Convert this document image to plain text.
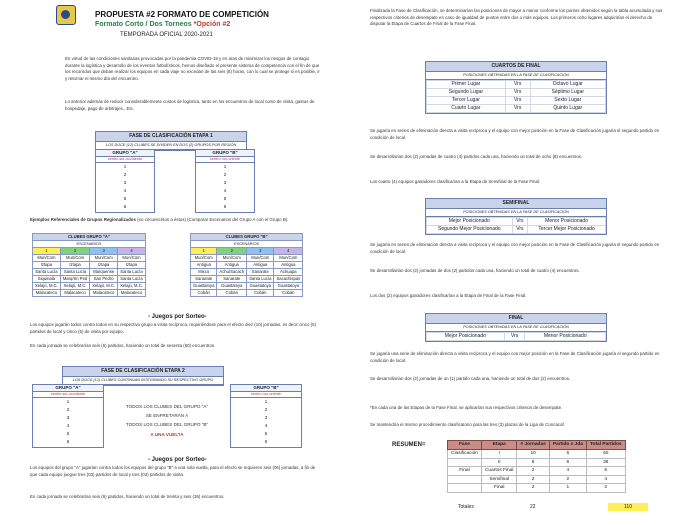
PROPUESTA #2 FORMATO DE COMPETICIÓN
Formato Corto / Dos Torneos *Opción #2
TEMPORADA OFICIAL 2020-2021
En virtud de las condiciones sanitarias provocadas por la pandemia COVID-19 y en aras de minimizar los riesgos de contagio durante la logística y desarrollo de los eventos futbolísticos, hemos diseñado el presente sistema de competencia con el fin de que los recorridos que deban realizar los equipos en cada viaje no excedan de las seis (6) horas, con lo cual se protege si es posible, ir y retornar el mismo día del encuentro.
Lo anterior además de reducir considerablemente costos de logística, tanto en los encuentros de local como de visita, gastos de hospedaje, pago de arbitrajes., Etc.
FASE DE CLASIFICACIÓN ETAPA 1
LOS DOCE (12) CLUBES SE DIVIDEN EN DOS (2) GRUPOS POR REGIÓN
GRUPO "A"
centro sur-occidente
1
2
3
4
5
6
GRUPO "B"
centro nor-oriente
1
2
3
4
5
6
Ejemplos Referenciales de Grupos Regionalizados (no circunscritos a éstos) (Comparar Escenarios del Grupo A con el Grupo B).
CLUBES GRUPO "A"			
ESCENARIOS			
1	2	3	4
Mun/Com	Mun/Com	Mun/Com	Mun/Com
Iztapa	Iztapa	Iztapa	Iztapa
Santa Lucía	Santa Lucía	Marquense	Santa Lucía
Siquinalá	Marq/Sn Ped	San Pedro	Santa Lucía
Xelajú, M.C.	Xelajú, M.C.	Xelajú, M.C.	Xelajú, M.C.
Malacateco	Malacateco	Malacateco	Malacateco
CLUBES GRUPO "B"			
ESCENARIOS			
1	2	3	4
Mun/Com	Mun/Com	Mun/Com	Mun/Com
Antigua	Antigua	Antigua	Antigua
Mixco	Achu/Sacach	Sanarate	Achuapa
Sanarate	Sanarate	Santa Lucía	Sacachispas
Guastatoya	Guastatoya	Guastatoya	Guastatoya
Cobán	Cobán	Cobán	Cobán
- Juegos por Sorteo-
Los equipos jugarán todos contra todos en su respectivo grupo a visita recíproca, requiriéndose para el efecto diez (10) jornadas, es decir cinco (5) partidos de local y cinco (5) de visita por equipo.
En cada jornada se celebrarían seis (6) partidos, haciendo un total de sesenta (60) encuentros.
FASE DE CLASIFICACIÓN ETAPA 2
LOS DOCE (12) CLUBES CONTINÚAN INTEGRANDO SU RESPECTIVO GRUPO
GRUPO "A"
centro sur-occidente
1
2
3
4
5
6
GRUPO "B"
centro nor-oriente
1
2
3
4
5
6
TODOS LOS CLUBES DEL GRUPO "A"
SE ENFRETARÁN A
TODOS LOS CLUBES DEL GRUPO "B"
A UNA VUELTA
- Juegos por Sorteo-
Los equipos del grupo "A" jugarían contra todos los equipos del grupo "B" a una sola vuelta, para el efecto se requieren seis (06) jornadas, a fin de que cada equipo juegue tres (03) partidos de local y tres (03) partidos de visita.
En cada jornada se celebrarían seis (6) partidos, haciendo un total de treinta y seis (36) encuentros.
Finalizada la Fase de Clasificación, se determinarían las posiciones de mayor a menor conforme los puntos obtenidos según la tabla acumulada y sus respectivos criterios de desempate en caso de igualdad de puntos entre dos o más equipos. Los primeros ocho lugares adquirirían el derecho de disputar la Etapa de Cuartos de Final de la Fase Final.
CUARTOS DE FINAL
POSICIONES OBTENIDAS EN LA FASE DE CLASIFICACIÓN
Primer Lugar	Vrs	Octavo Lugar
Segundo Lugar	Vrs	Séptimo Lugar
Tercer Lugar	Vrs	Sexto Lugar
Cuarto Lugar	Vrs	Quinto Lugar
Se jugaría en series de eliminación directa a visita recíproca y el equipo con mejor posición en la Fase de Clasificación jugaría el segundo partido en condición de local.
Se desarrollarían dos (2) jornadas de cuatro (4) partidos cada una, haciendo un total de ocho (8) encuentros.
Los cuatro (4) equipos ganadores clasificarían a la Etapa de Semifinal de la Fase Final.
SEMIFINAL
POSICIONES OBTENIDAS EN LA FASE DE CLASIFICACIÓN
Mejor Posicionado	Vrs	Menor Posicionado
Segundo Mejor Posicionado	Vrs	Tercer Mejor Posicionado
Se jugaría en series de eliminación directa a visita recíproca y el equipo con mejor posición en la Fase de Clasificación jugaría el segundo partido en condición de local.
Se desarrollarían dos (2) jornadas de dos (2) partidos cada una, haciendo un total de cuatro (4) encuentros.
Los dos (2) equipos ganadores clasificarían a la Etapa de Final de la Fase Final.
FINAL
POSICIONES OBTENIDAS EN LA FASE DE CLASIFICACIÓN
Mejor Posicionado	Vrs	Menor Posicionado
Se jugaría una serie de eliminación directa a visita recíproca y el equipo con mejor posición en la Fase de Clasificación jugaría el segundo partido en condición de local.
Se desarrollarían dos (2) jornadas de un (1) partido cada una, haciendo un total de dos (2) encuentros.
*En cada una de las Etapas de la Fase Final, se aplicarían sus respectivos criterios de desempate.
Se mantendría el mismo procedimiento clasificatorio para las tres (3) plazas de la Liga de Concacaf.
RESUMEN=	Fase	Etapa	# Jornadas	Partido x Jda	Total Partidos
Clasificación	I	10	6	60
	II	6	6	36
Final	Cuartos Final	2	4	8
	Semifinal	2	2	4
	Final	2	1	2
Totales	22	110
